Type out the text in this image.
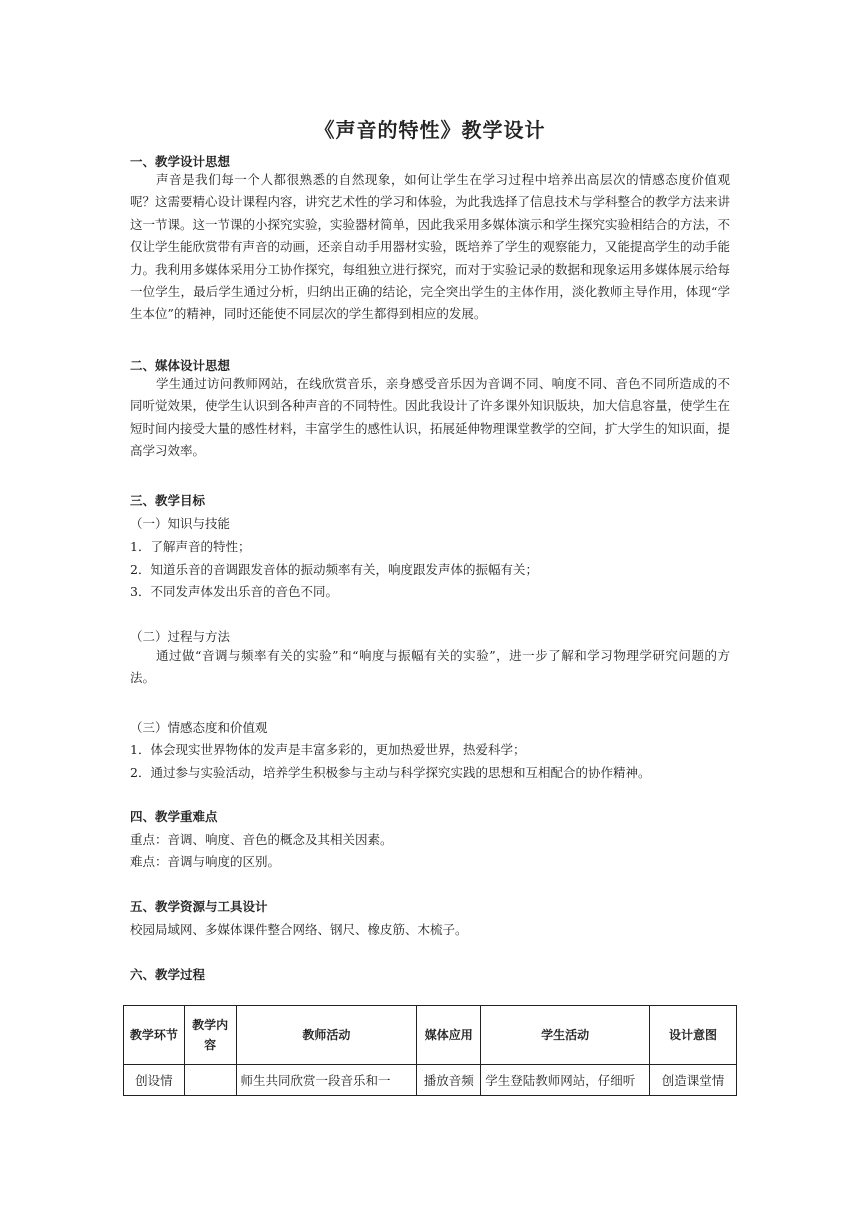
《声音的特性》教学设计
一、教学设计思想

声音是我们每一个人都很熟悉的自然现象，如何让学生在学习过程中培养出高层次的情感态度价值观呢？这需要精心设计课程内容，讲究艺术性的学习和体验，为此我选择了信息技术与学科整合的教学方法来讲这一节课。这一节课的小探究实验，实验器材简单，因此我采用多媒体演示和学生探究实验相结合的方法，不仅让学生能欣赏带有声音的动画，还亲自动手用器材实验，既培养了学生的观察能力，又能提高学生的动手能力。我利用多媒体采用分工协作探究，每组独立进行探究，而对于实验记录的数据和现象运用多媒体展示给每一位学生，最后学生通过分析，归纳出正确的结论，完全突出学生的主体作用，淡化教师主导作用，体现“学生本位”的精神，同时还能使不同层次的学生都得到相应的发展。

二、媒体设计思想

学生通过访问教师网站，在线欣赏音乐，亲身感受音乐因为音调不同、响度不同、音色不同所造成的不同听觉效果，使学生认识到各种声音的不同特性。因此我设计了许多课外知识版块，加大信息容量，使学生在短时间内接受大量的感性材料，丰富学生的感性认识，拓展延伸物理课堂教学的空间，扩大学生的知识面，提高学习效率。

三、教学目标
（一）知识与技能
1．了解声音的特性；
2．知道乐音的音调跟发音体的振动频率有关，响度跟发声体的振幅有关；
3．不同发声体发出乐音的音色不同。
（二）过程与方法

通过做“音调与频率有关的实验”和“响度与振幅有关的实验”，进一步了解和学习物理学研究问题的方法。

（三）情感态度和价值观
1．体会现实世界物体的发声是丰富多彩的，更加热爱世界，热爱科学；
2．通过参与实验活动，培养学生积极参与主动与科学探究实践的思想和互相配合的协作精神。
四、教学重难点
重点：音调、响度、音色的概念及其相关因素。
难点：音调与响度的区别。
五、教学资源与工具设计
校园局域网、多媒体课件整合网络、钢尺、橡皮筋、木梳子。
六、教学过程
教学环节	教学内容	教师活动	媒体应用	学生活动	设计意图
创设情		师生共同欣赏一段音乐和一	播放音频	学生登陆教师网站，仔细听	创造课堂情
